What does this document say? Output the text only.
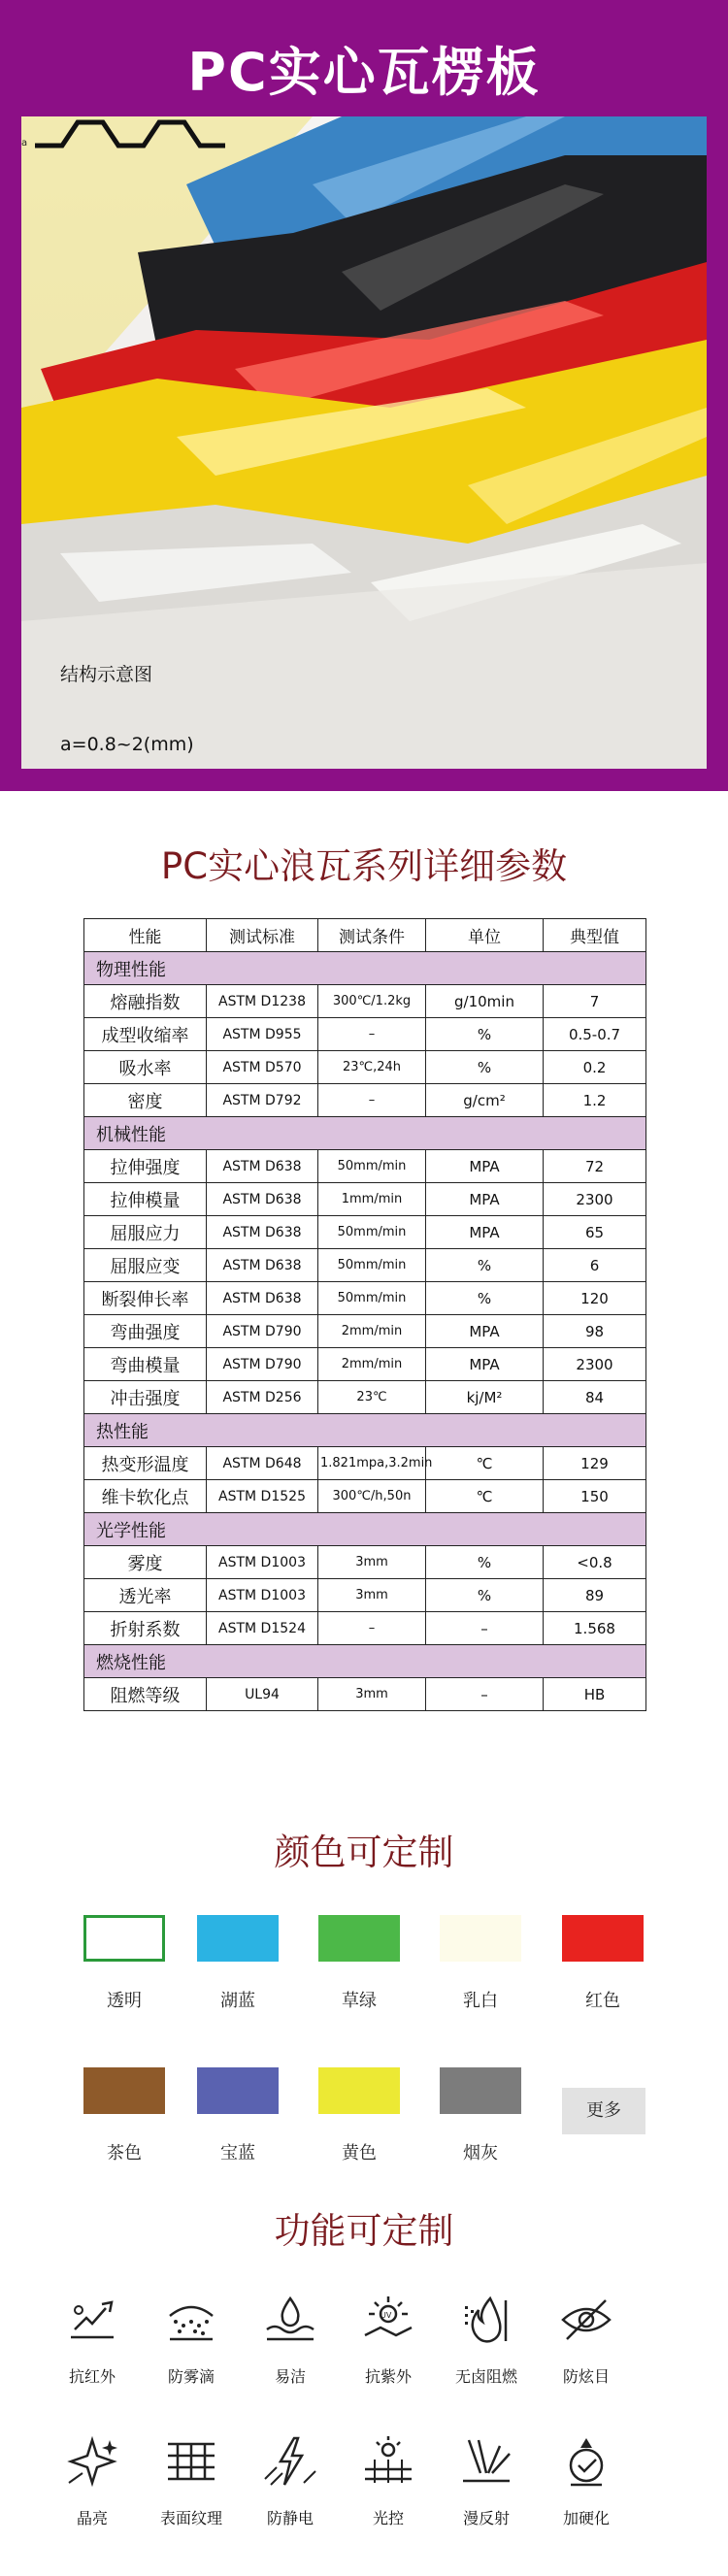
PC实心瓦楞板
结构示意图
a
a=0.8~2(mm)
PC实心浪瓦系列详细参数
性能	测试标准	测试条件	单位	典型值
物理性能				
熔融指数	ASTM D1238	300℃/1.2kg	g/10min	7
成型收缩率	ASTM D955	–	%	0.5-0.7
吸水率	ASTM D570	23℃,24h	%	0.2
密度	ASTM D792	–	g/cm²	1.2
机械性能				
拉伸强度	ASTM D638	50mm/min	MPA	72
拉伸模量	ASTM D638	1mm/min	MPA	2300
屈服应力	ASTM D638	50mm/min	MPA	65
屈服应变	ASTM D638	50mm/min	%	6
断裂伸长率	ASTM D638	50mm/min	%	120
弯曲强度	ASTM D790	2mm/min	MPA	98
弯曲模量	ASTM D790	2mm/min	MPA	2300
冲击强度	ASTM D256	23℃	kj/M²	84
热性能				
热变形温度	ASTM D648	1.821mpa,3.2min	℃	129
维卡软化点	ASTM D1525	300℃/h,50n	℃	150
光学性能				
雾度	ASTM D1003	3mm	%	<0.8
透光率	ASTM D1003	3mm	%	89
折射系数	ASTM D1524	–	–	1.568
燃烧性能				
阻燃等级	UL94	3mm	–	HB
颜色可定制
透明	湖蓝	草绿	乳白	红色
茶色	宝蓝	黄色	烟灰
更多
功能可定制
抗红外	防雾滴	易洁
UV
抗紫外	无卤阻燃	防炫目
晶亮	表面纹理	防静电	光控	漫反射	加硬化
